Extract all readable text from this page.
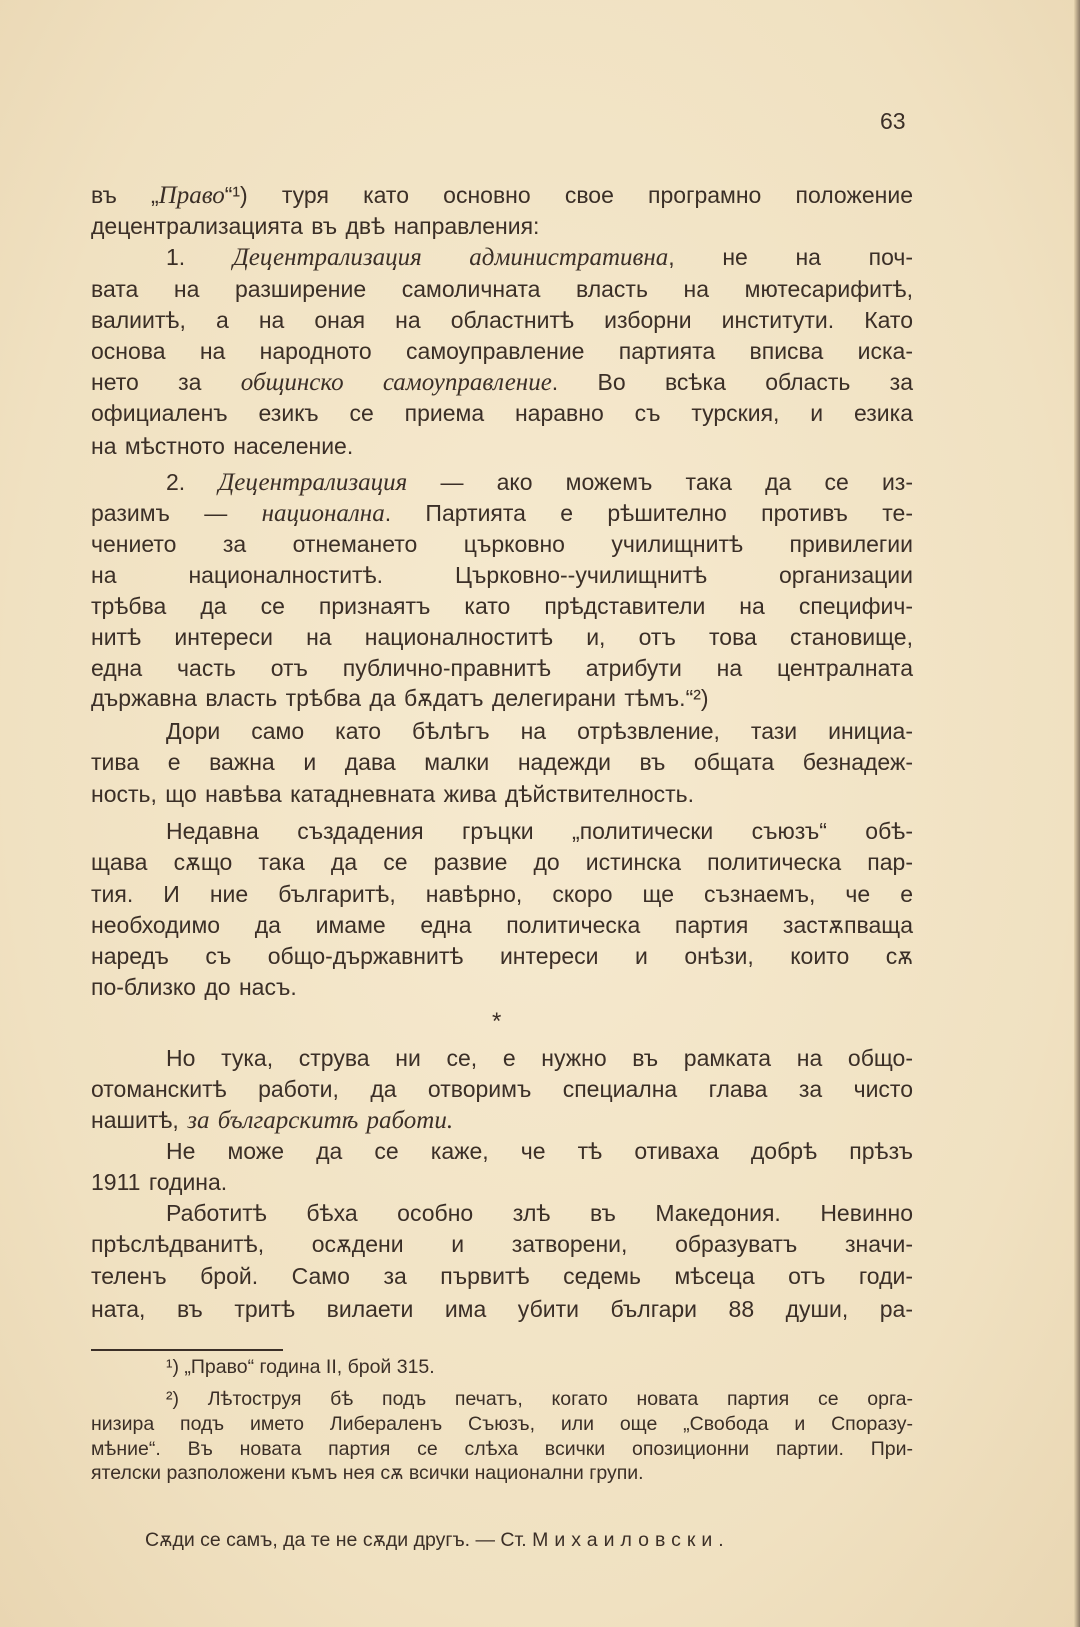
63
въ „Право“¹) туря като основно свое програмно положение
децентрализацията въ двѣ направления:
1. Децентрализация административна, не на поч-
вата на разширение самоличната власть на мютесарифитѣ,
валиитѣ, а на оная на областнитѣ изборни институти. Като
основа на народното самоуправление партията вписва иска-
нето за общинско самоуправление. Во всѣка область за
официаленъ езикъ се приема наравно съ турския, и езика
на мѣстното население.
2. Децентрализация — ако можемъ така да се из-
разимъ — национална. Партията е рѣшително противъ те-
чението за отнемането църковно училищнитѣ привилегии
на националноститѣ. Църковно--училищнитѣ организации
трѣбва да се признаятъ като прѣдставители на специфич-
нитѣ интереси на националноститѣ и, отъ това становище,
една часть отъ публично-правнитѣ атрибути на централната
държавна власть трѣбва да бѫдатъ делегирани тѣмъ.“²)
Дори само като бѣлѣгъ на отрѣзвление, тази инициа-
тива е важна и дава малки надежди въ общата безнадеж-
ность, що навѣва катадневната жива дѣйствителность.
Недавна създадения гръцки „политически съюзъ“ обѣ-
щава сѫщо така да се развие до истинска политическа пар-
тия. И ние българитѣ, навѣрно, скоро ще съзнаемъ, че е
необходимо да имаме една политическа партия застѫпваща
наредъ съ общо-държавнитѣ интереси и онѣзи, които сѫ
по-близко до насъ.
Но тука, струва ни се, е нужно въ рамката на общо-
отоманскитѣ работи, да отворимъ специална глава за чисто
нашитѣ, за българскитѣ работи.
Не може да се каже, че тѣ отиваха добрѣ прѣзъ
1911 година.
Работитѣ бѣха особно злѣ въ Македония. Невинно
прѣслѣдванитѣ, осѫдени и затворени, образуватъ значи-
теленъ брой. Само за първитѣ седемь мѣсеца отъ годи-
ната, въ тритѣ вилаети има убити българи 88 души, ра-
*
¹) „Право“ година II, брой 315.
²) Лѣтоструя бѣ подъ печатъ, когато новата партия се орга-
низира подъ името Либераленъ Съюзъ, или още „Свобода и Споразу-
мѣние“. Въ новата партия се слѣха всички опозиционни партии. При-
ятелски разположени къмъ нея сѫ всички национални групи.
Сѫди се самъ, да те не сѫди другъ. — Ст. Михаиловски.
